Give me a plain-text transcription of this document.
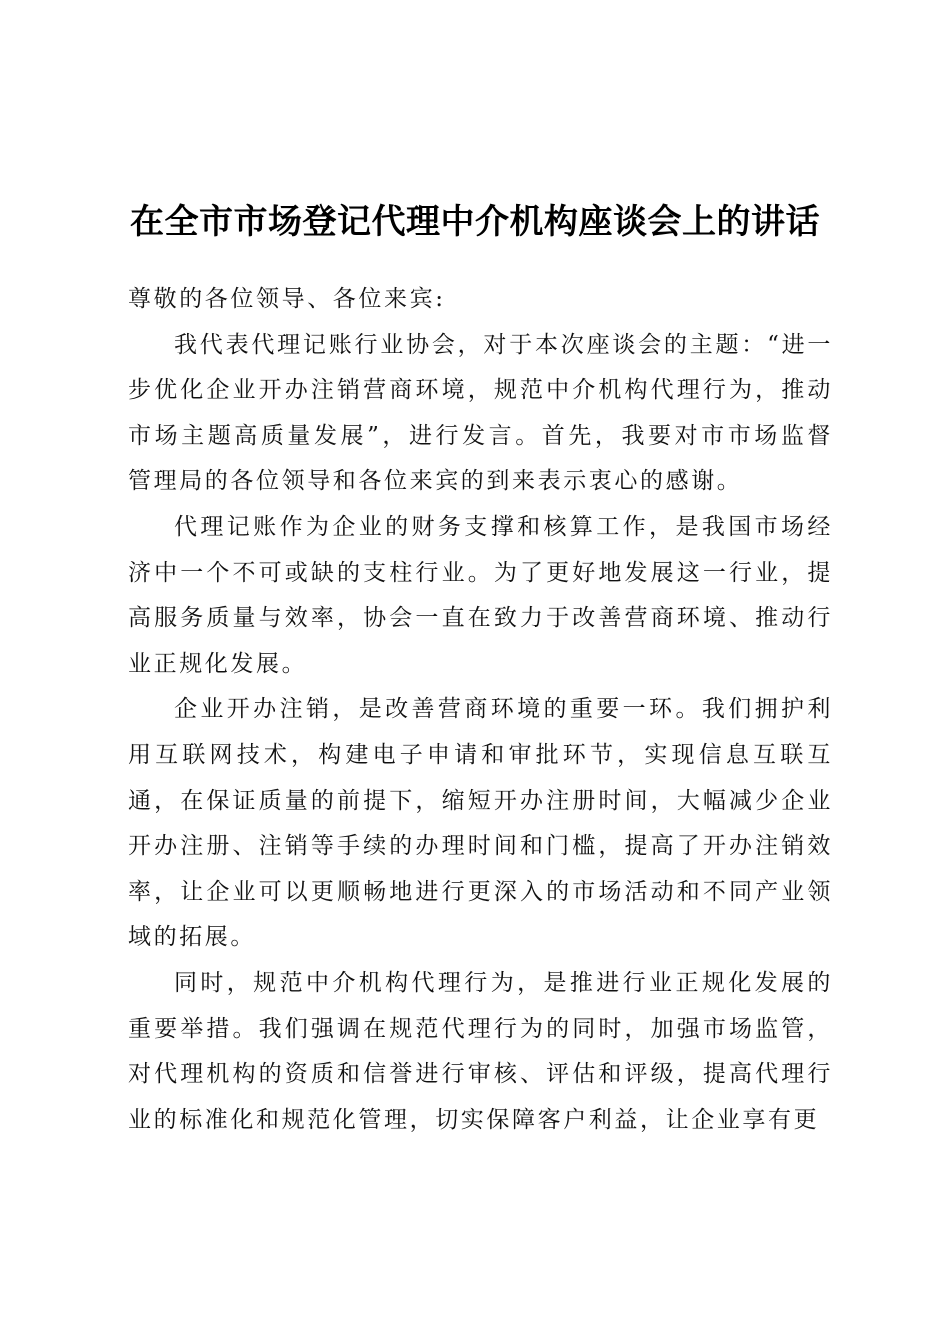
在全市市场登记代理中介机构座谈会上的讲话

尊敬的各位领导、各位来宾:

我代表代理记账行业协会，对于本次座谈会的主题：“进一步优化企业开办注销营商环境，规范中介机构代理行为，推动市场主题高质量发展”，进行发言。首先，我要对市市场监督管理局的各位领导和各位来宾的到来表示衷心的感谢。

代理记账作为企业的财务支撑和核算工作，是我国市场经济中一个不可或缺的支柱行业。为了更好地发展这一行业，提高服务质量与效率，协会一直在致力于改善营商环境、推动行业正规化发展。

企业开办注销，是改善营商环境的重要一环。我们拥护利用互联网技术，构建电子申请和审批环节，实现信息互联互通，在保证质量的前提下，缩短开办注册时间，大幅减少企业开办注册、注销等手续的办理时间和门槛，提高了开办注销效率，让企业可以更顺畅地进行更深入的市场活动和不同产业领域的拓展。

同时，规范中介机构代理行为，是推进行业正规化发展的重要举措。我们强调在规范代理行为的同时，加强市场监管，对代理机构的资质和信誉进行审核、评估和评级，提高代理行业的标准化和规范化管理，切实保障客户利益，让企业享有更
